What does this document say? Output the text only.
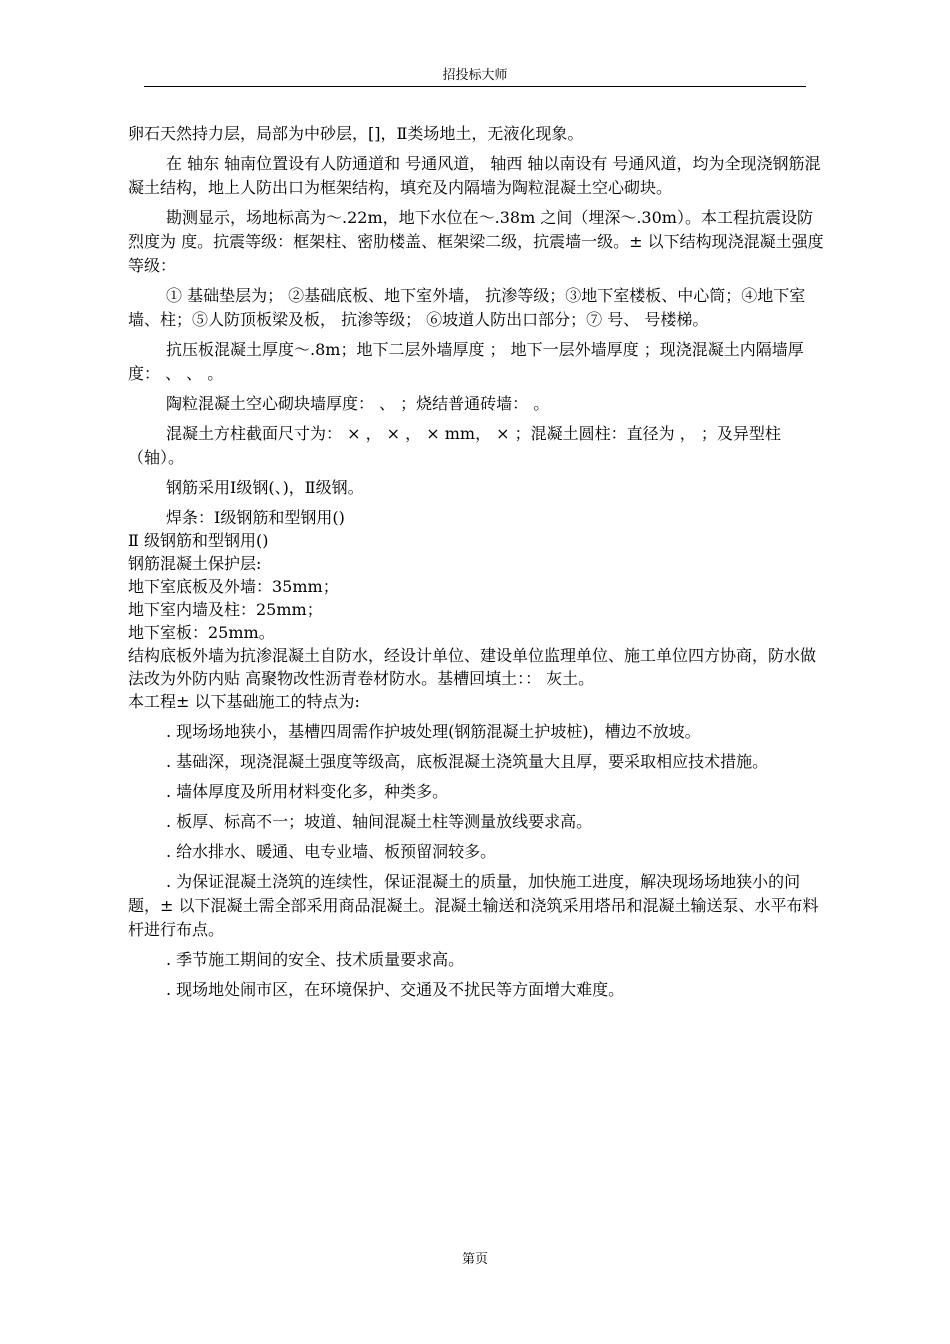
招投标大师

卵石天然持力层，局部为中砂层，[]，Ⅱ类场地土，无液化现象。

在 轴东 轴南位置设有人防通道和 号通风道， 轴西 轴以南设有 号通风道，均为全现浇钢筋混凝土结构，地上人防出口为框架结构，填充及内隔墙为陶粒混凝土空心砌块。

勘测显示，场地标高为～.22m，地下水位在～.38m 之间（埋深～.30m）。本工程抗震设防烈度为 度。抗震等级：框架柱、密肋楼盖、框架梁二级，抗震墙一级。± 以下结构现浇混凝土强度等级：

① 基础垫层为； ②基础底板、地下室外墙， 抗渗等级；③地下室楼板、中心筒；④地下室墙、柱；⑤人防顶板梁及板， 抗渗等级； ⑥坡道人防出口部分；⑦ 号、 号楼梯。

抗压板混凝土厚度～.8m；地下二层外墙厚度 ； 地下一层外墙厚度 ；现浇混凝土内隔墙厚度： 、 、 。

陶粒混凝土空心砌块墙厚度： 、 ；烧结普通砖墙： 。

混凝土方柱截面尺寸为： × ， × ， × mm， × ；混凝土圆柱：直径为 ， ；及异型柱（轴）。

钢筋采用Ⅰ级钢(、)，Ⅱ级钢。

焊条：Ⅰ级钢筋和型钢用()

Ⅱ 级钢筋和型钢用()

钢筋混凝土保护层:

地下室底板及外墙：35mm；

地下室内墙及柱：25mm；

地下室板：25mm。

结构底板外墙为抗渗混凝土自防水，经设计单位、建设单位监理单位、施工单位四方协商，防水做法改为外防内贴 高聚物改性沥青卷材防水。基槽回填土：： 灰土。

本工程± 以下基础施工的特点为:

. 现场场地狭小，基槽四周需作护坡处理(钢筋混凝土护坡桩)，槽边不放坡。

. 基础深，现浇混凝土强度等级高，底板混凝土浇筑量大且厚，要采取相应技术措施。

. 墙体厚度及所用材料变化多，种类多。

. 板厚、标高不一；坡道、轴间混凝土柱等测量放线要求高。

. 给水排水、暖通、电专业墙、板预留洞较多。

. 为保证混凝土浇筑的连续性，保证混凝土的质量，加快施工进度，解决现场场地狭小的问题，± 以下混凝土需全部采用商品混凝土。混凝土输送和浇筑采用塔吊和混凝土输送泵、水平布料杆进行布点。

. 季节施工期间的安全、技术质量要求高。

. 现场地处闹市区，在环境保护、交通及不扰民等方面增大难度。

第页
